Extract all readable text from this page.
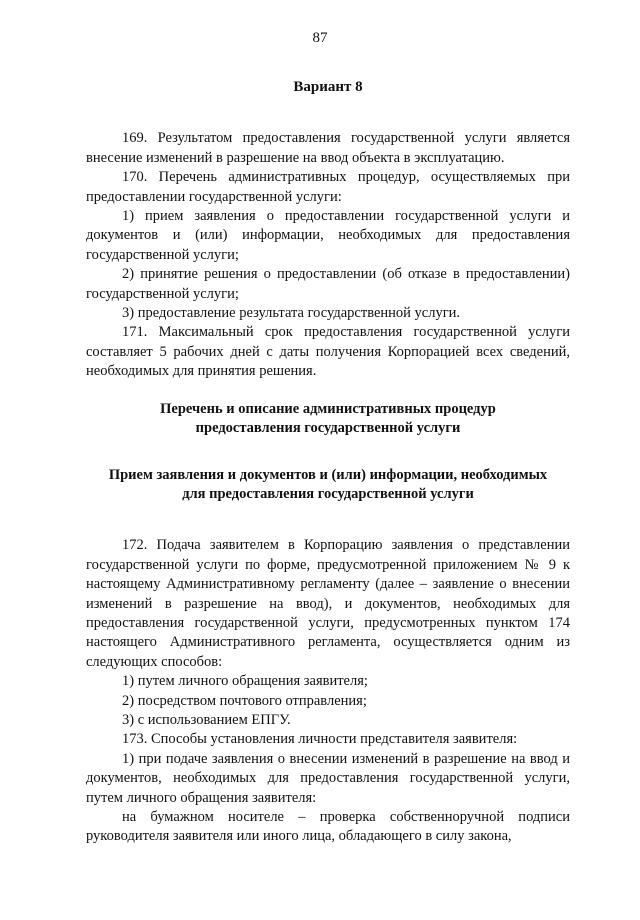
87

Вариант 8

169. Результатом предоставления государственной услуги является внесение изменений в разрешение на ввод объекта в эксплуатацию.

170. Перечень административных процедур, осуществляемых при предоставлении государственной услуги:

1) прием заявления о предоставлении государственной услуги и документов и (или) информации, необходимых для предоставления государственной услуги;

2) принятие решения о предоставлении (об отказе в предоставлении) государственной услуги;

3) предоставление результата государственной услуги.

171. Максимальный срок предоставления государственной услуги составляет 5 рабочих дней с даты получения Корпорацией всех сведений, необходимых для принятия решения.

Перечень и описание административных процедур
предоставления государственной услуги

Прием заявления и документов и (или) информации, необходимых
для предоставления государственной услуги

172. Подача заявителем в Корпорацию заявления о представлении государственной услуги по форме, предусмотренной приложением № 9 к настоящему Административному регламенту (далее – заявление о внесении изменений в разрешение на ввод), и документов, необходимых для предоставления государственной услуги, предусмотренных пунктом 174 настоящего Административного регламента, осуществляется одним из следующих способов:

1) путем личного обращения заявителя;

2) посредством почтового отправления;

3) с использованием ЕПГУ.

173. Способы установления личности представителя заявителя:

1) при подаче заявления о внесении изменений в разрешение на ввод и документов, необходимых для предоставления государственной услуги, путем личного обращения заявителя:

на бумажном носителе – проверка собственноручной подписи руководителя заявителя или иного лица, обладающего в силу закона,
